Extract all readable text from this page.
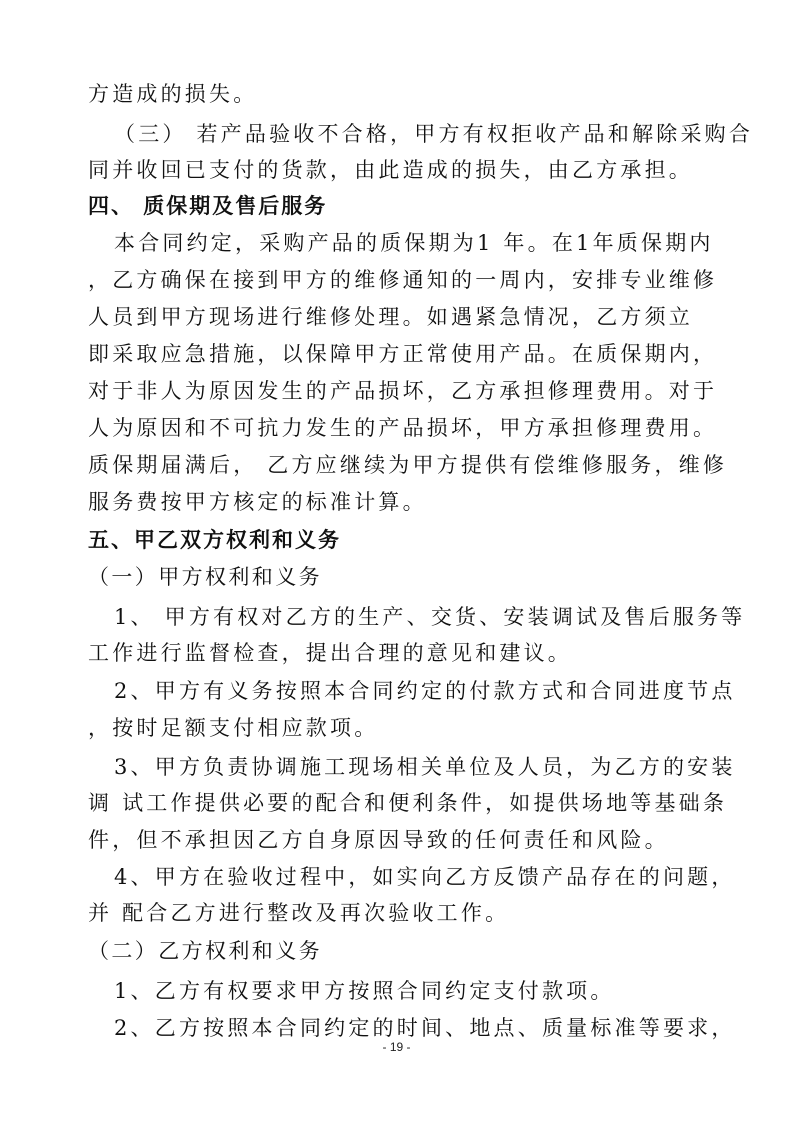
方造成的损失。
（三） 若产品验收不合格，甲方有权拒收产品和解除采购合
同并收回已支付的货款，由此造成的损失，由乙方承担。
四、 质保期及售后服务
本合同约定，采购产品的质保期为1 年。在1年质保期内
，乙方确保在接到甲方的维修通知的一周内，安排专业维修
人员到甲方现场进行维修处理。如遇紧急情况，乙方须立
即采取应急措施，以保障甲方正常使用产品。在质保期内，
对于非人为原因发生的产品损坏，乙方承担修理费用。对于
人为原因和不可抗力发生的产品损坏，甲方承担修理费用。
质保期届满后， 乙方应继续为甲方提供有偿维修服务，维修
服务费按甲方核定的标准计算。
五、甲乙双方权利和义务
（一）甲方权利和义务
1、 甲方有权对乙方的生产、交货、安装调试及售后服务等
工作进行监督检查，提出合理的意见和建议。
2、甲方有义务按照本合同约定的付款方式和合同进度节点
，按时足额支付相应款项。
3、甲方负责协调施工现场相关单位及人员，为乙方的安装
调 试工作提供必要的配合和便利条件，如提供场地等基础条
件，但不承担因乙方自身原因导致的任何责任和风险。
4、甲方在验收过程中，如实向乙方反馈产品存在的问题，
并 配合乙方进行整改及再次验收工作。
（二）乙方权利和义务
1、乙方有权要求甲方按照合同约定支付款项。
2、乙方按照本合同约定的时间、地点、质量标准等要求，
- 19 -
